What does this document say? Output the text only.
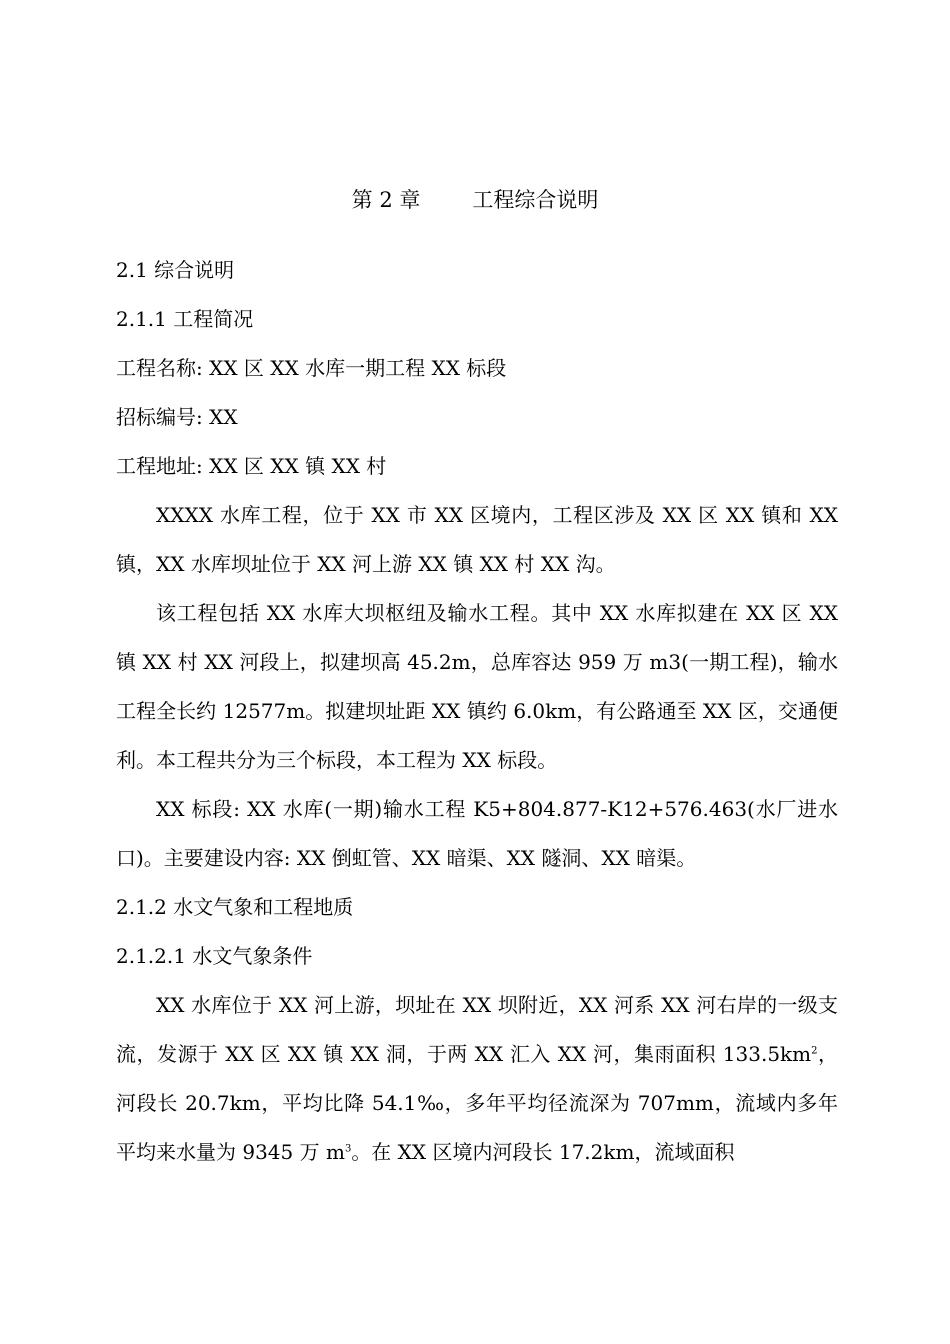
第 2 章 工程综合说明

2.1 综合说明

2.1.1 工程简况

工程名称: XX 区 XX 水库一期工程 XX 标段

招标编号: XX

工程地址: XX 区 XX 镇 XX 村

XXXX 水库工程，位于 XX 市 XX 区境内，工程区涉及 XX 区 XX 镇和 XX 镇，XX 水库坝址位于 XX 河上游 XX 镇 XX 村 XX 沟。

该工程包括 XX 水库大坝枢纽及输水工程。其中 XX 水库拟建在 XX 区 XX 镇 XX 村 XX 河段上，拟建坝高 45.2m，总库容达 959 万 m3(一期工程)，输水工程全长约 12577m。拟建坝址距 XX 镇约 6.0km，有公路通至 XX 区，交通便利。本工程共分为三个标段，本工程为 XX 标段。

XX 标段: XX 水库(一期)输水工程 K5+804.877-K12+576.463(水厂进水口)。主要建设内容: XX 倒虹管、XX 暗渠、XX 隧洞、XX 暗渠。

2.1.2 水文气象和工程地质

2.1.2.1 水文气象条件

XX 水库位于 XX 河上游，坝址在 XX 坝附近，XX 河系 XX 河右岸的一级支流，发源于 XX 区 XX 镇 XX 洞，于两 XX 汇入 XX 河，集雨面积 $133.5km^2$，河段长 20.7km，平均比降 54.1‰，多年平均径流深为 707mm，流域内多年平均来水量为 9345 万 $m^3$。在 XX 区境内河段长 17.2km，流域面积
